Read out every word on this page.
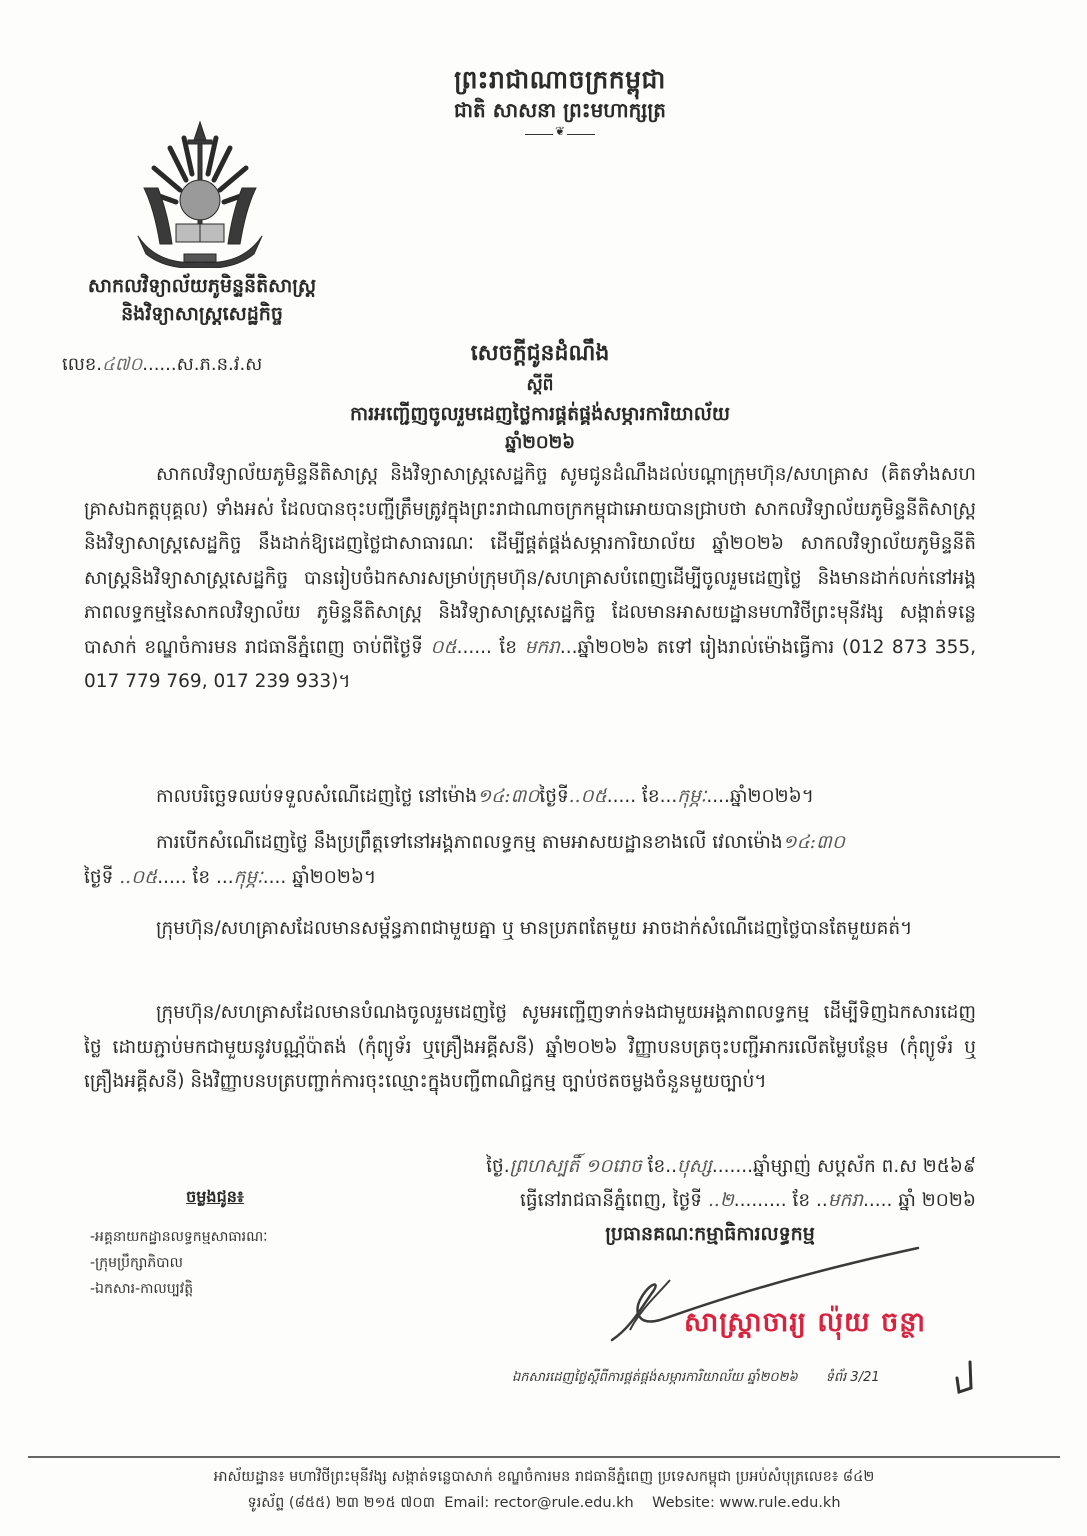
ព្រះរាជាណាចក្រកម្ពុជា
ជាតិ សាសនា ព្រះមហាក្សត្រ
❦
សាកលវិទ្យាល័យភូមិន្ទនីតិសាស្ត្រ
និងវិទ្យាសាស្ត្រសេដ្ឋកិច្ច
លេខ.៤៧០......ស.ភ.ន.វ.ស	សេចក្តីជូនដំណឹង
ស្តីពី
ការអញ្ជើញចូលរួមដេញថ្លៃការផ្គត់ផ្គង់សម្ភារការិយាល័យ
ឆ្នាំ២០២៦
សាកលវិទ្យាល័យភូមិន្ទនីតិសាស្ត្រ និងវិទ្យាសាស្ត្រសេដ្ឋកិច្ច សូមជូនដំណឹងដល់បណ្តាក្រុមហ៊ុន/សហគ្រាស (គិតទាំងសហគ្រាសឯកត្តបុគ្គល) ទាំងអស់ ដែលបានចុះបញ្ជីត្រឹមត្រូវក្នុងព្រះរាជាណាចក្រកម្ពុជាអោយបានជ្រាបថា សាកលវិទ្យាល័យភូមិន្ទនីតិសាស្ត្រនិងវិទ្យាសាស្ត្រសេដ្ឋកិច្ច នឹងដាក់ឱ្យដេញថ្លៃជាសាធារណៈ ដើម្បីផ្គត់ផ្គង់សម្ភារការិយាល័យ ឆ្នាំ២០២៦ សាកលវិទ្យាល័យភូមិន្ទនីតិសាស្ត្រនិងវិទ្យាសាស្ត្រសេដ្ឋកិច្ច បានរៀបចំឯកសារសម្រាប់ក្រុមហ៊ុន/សហគ្រាសបំពេញដើម្បីចូលរួមដេញថ្លៃ និងមានដាក់លក់នៅអង្គភាពលទ្ធកម្មនៃសាកលវិទ្យាល័យ ភូមិន្ទនីតិសាស្ត្រ និងវិទ្យាសាស្ត្រសេដ្ឋកិច្ច ដែលមានអាសយដ្ឋានមហាវិថីព្រះមុនីវង្ស សង្កាត់ទន្លេបាសាក់ ខណ្ឌចំការមន រាជធានីភ្នំពេញ ចាប់ពីថ្ងៃទី ០៥...... ខែ មករា...ឆ្នាំ២០២៦ តទៅ រៀងរាល់ម៉ោងធ្វើការ (012 873 355, 017 779 769, 017 239 933)។
កាលបរិច្ឆេទឈប់ទទួលសំណើដេញថ្លៃ នៅម៉ោង១៤:៣០ថ្ងៃទី..០៥..... ខែ...កុម្ភៈ....ឆ្នាំ២០២៦។
ការបើកសំណើដេញថ្លៃ នឹងប្រព្រឹត្តទៅនៅអង្គភាពលទ្ធកម្ម តាមអាសយដ្ឋានខាងលើ វេលាម៉ោង១៤:៣០
ថ្ងៃទី ..០៥..... ខែ ...កុម្ភៈ.... ឆ្នាំ២០២៦។
ក្រុមហ៊ុន/សហគ្រាសដែលមានសម្ព័ន្ធភាពជាមួយគ្នា ឬ មានប្រភពតែមួយ អាចដាក់សំណើដេញថ្លៃបានតែមួយគត់។
ក្រុមហ៊ុន/សហគ្រាសដែលមានបំណងចូលរួមដេញថ្លៃ សូមអញ្ជើញទាក់ទងជាមួយអង្គភាពលទ្ធកម្ម ដើម្បីទិញឯកសារដេញថ្លៃ ដោយភ្ជាប់មកជាមួយនូវបណ្ណ័ប៉ាតង់ (កុំព្យូទ័រ ឬគ្រឿងអគ្គីសនី) ឆ្នាំ២០២៦ វិញ្ញាបនបត្រចុះបញ្ជីអាករលើតម្លៃបន្ថែម (កុំព្យូទ័រ ឬ គ្រឿងអគ្គីសនី) និងវិញ្ញាបនបត្របញ្ជាក់ការចុះឈ្មោះក្នុងបញ្ជីពាណិជ្ជកម្ម ច្បាប់ថតចម្លងចំនួនមួយច្បាប់។
ថ្ងៃ.ព្រហស្បតិ៍ ១០រោច ខែ..បុស្ស.......ឆ្នាំម្សាញ់ សប្តស័ក ព.ស ២៥៦៩
ធ្វើនៅរាជធានីភ្នំពេញ, ថ្ងៃទី ..២......... ខែ ..មករា..... ឆ្នាំ ២០២៦
ប្រធានគណៈកម្មាធិការលទ្ធកម្ម
ចម្លងជូន៖
-អគ្គនាយកដ្ឋានលទ្ធកម្មសាធារណៈ
-ក្រុមប្រឹក្សាភិបាល
-ឯកសារ-កាលប្បវត្តិ
សាស្ត្រាចារ្យ ល៉ុយ ចន្ថា
ឯកសារដេញថ្លៃស្តីពីការផ្គត់ផ្គង់សម្ភារការិយាល័យ ឆ្នាំ២០២៦ ទំព័រ 3/21
អាស័យដ្ឋាន៖ មហាវិថីព្រះមុនីវង្ស សង្កាត់ទន្លេបាសាក់ ខណ្ឌចំការមន រាជធានីភ្នំពេញ ប្រទេសកម្ពុជា ប្រអប់សំបុត្រលេខ៖ ៨៤២
ទូរស័ព្ទ (៨៥៥) ២៣ ២១៥ ៧០៣ Email: rector@rule.edu.kh Website: www.rule.edu.kh
